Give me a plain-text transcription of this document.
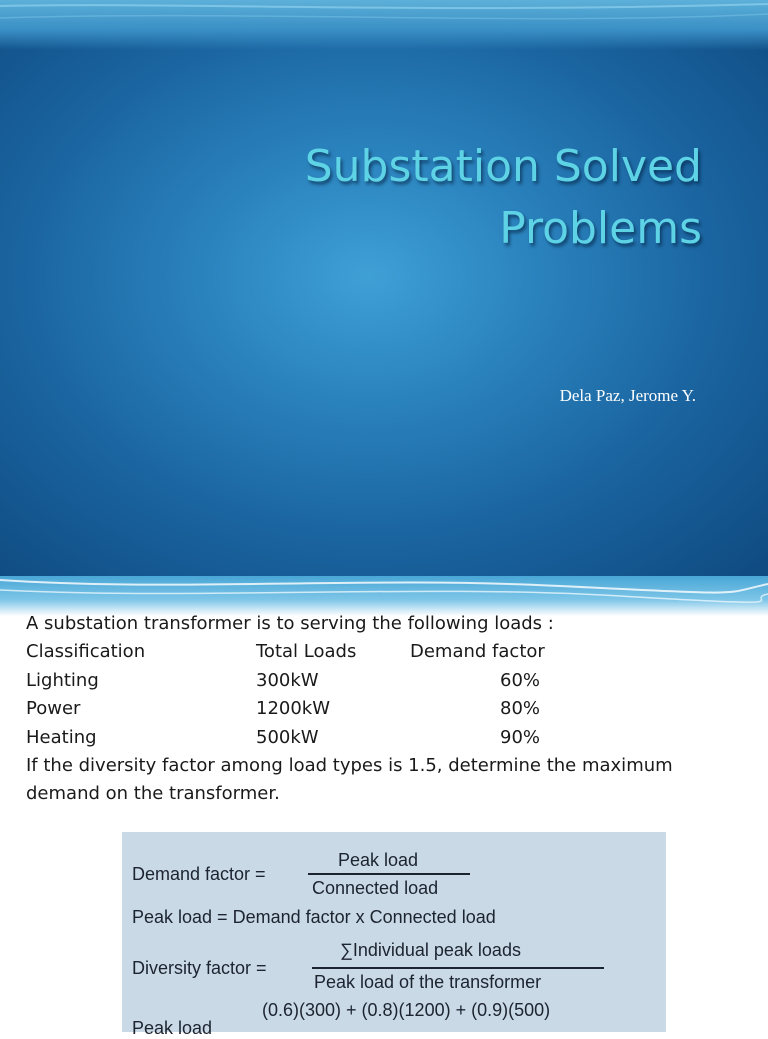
Substation Solved
Problems
Dela Paz, Jerome Y.
A substation transformer is to serving the following loads :
Classification	Total Loads	Demand factor
Lighting	300kW	60%
Power	1200kW	80%
Heating	500kW	90%
If the diversity factor among load types is 1.5, determine the maximum demand on the transformer.
Demand factor =
Peak load
Connected load
Peak load = Demand factor x Connected load
Diversity factor =
∑Individual peak loads
Peak load of the transformer
Peak load
(0.6)(300) + (0.8)(1200) + (0.9)(500)
